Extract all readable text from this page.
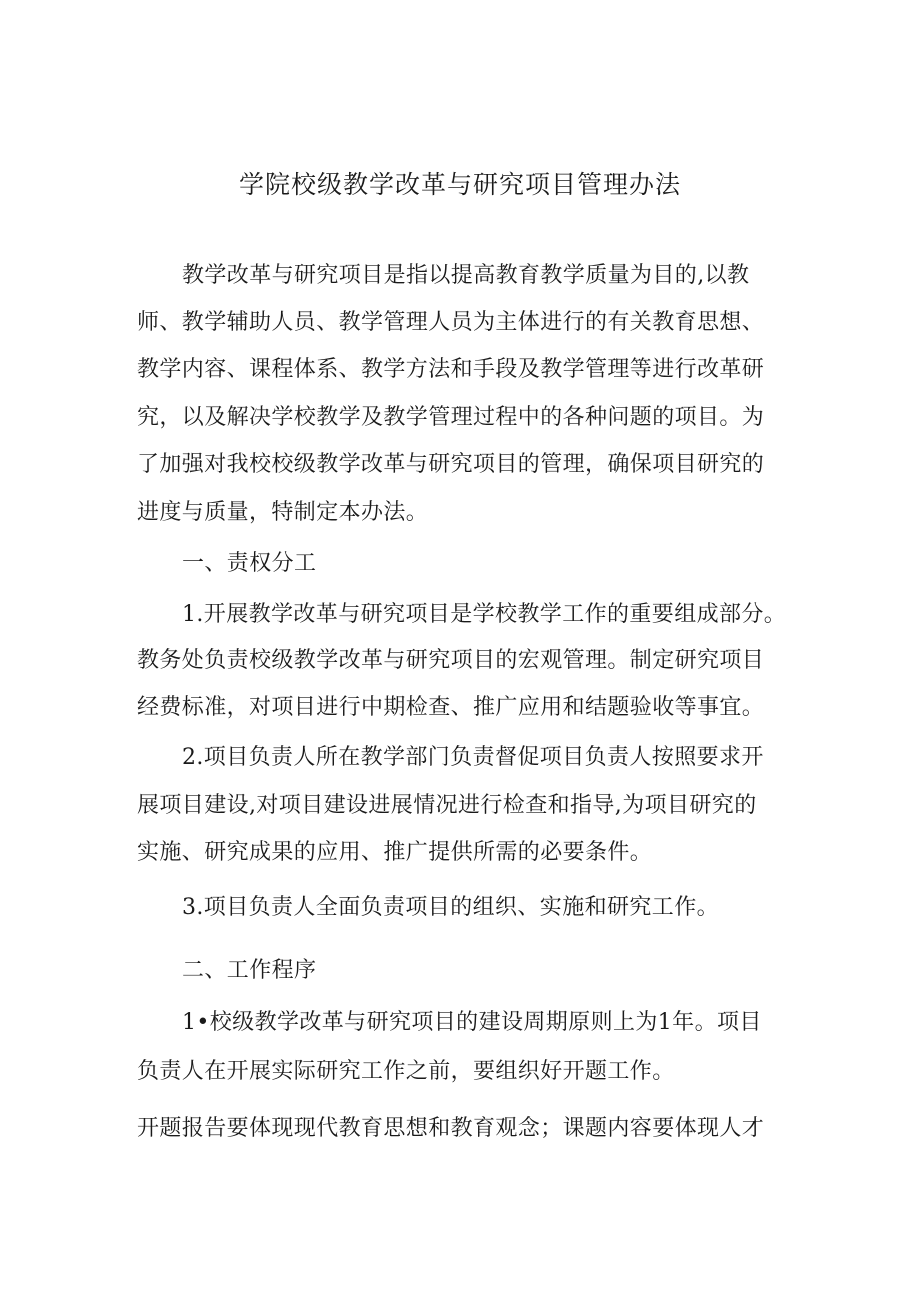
学院校级教学改革与研究项目管理办法
教学改革与研究项目是指以提高教育教学质量为目的,以教
师、教学辅助人员、教学管理人员为主体进行的有关教育思想、
教学内容、课程体系、教学方法和手段及教学管理等进行改革研
究，以及解决学校教学及教学管理过程中的各种问题的项目。为
了加强对我校校级教学改革与研究项目的管理，确保项目研究的
进度与质量，特制定本办法。
一、责权分工
1.开展教学改革与研究项目是学校教学工作的重要组成部分。
教务处负责校级教学改革与研究项目的宏观管理。制定研究项目
经费标准，对项目进行中期检查、推广应用和结题验收等事宜。
2.项目负责人所在教学部门负责督促项目负责人按照要求开
展项目建设,对项目建设进展情况进行检查和指导,为项目研究的
实施、研究成果的应用、推广提供所需的必要条件。
3.项目负责人全面负责项目的组织、实施和研究工作。
二、工作程序
1•校级教学改革与研究项目的建设周期原则上为1年。项目
负责人在开展实际研究工作之前，要组织好开题工作。
开题报告要体现现代教育思想和教育观念；课题内容要体现人才
